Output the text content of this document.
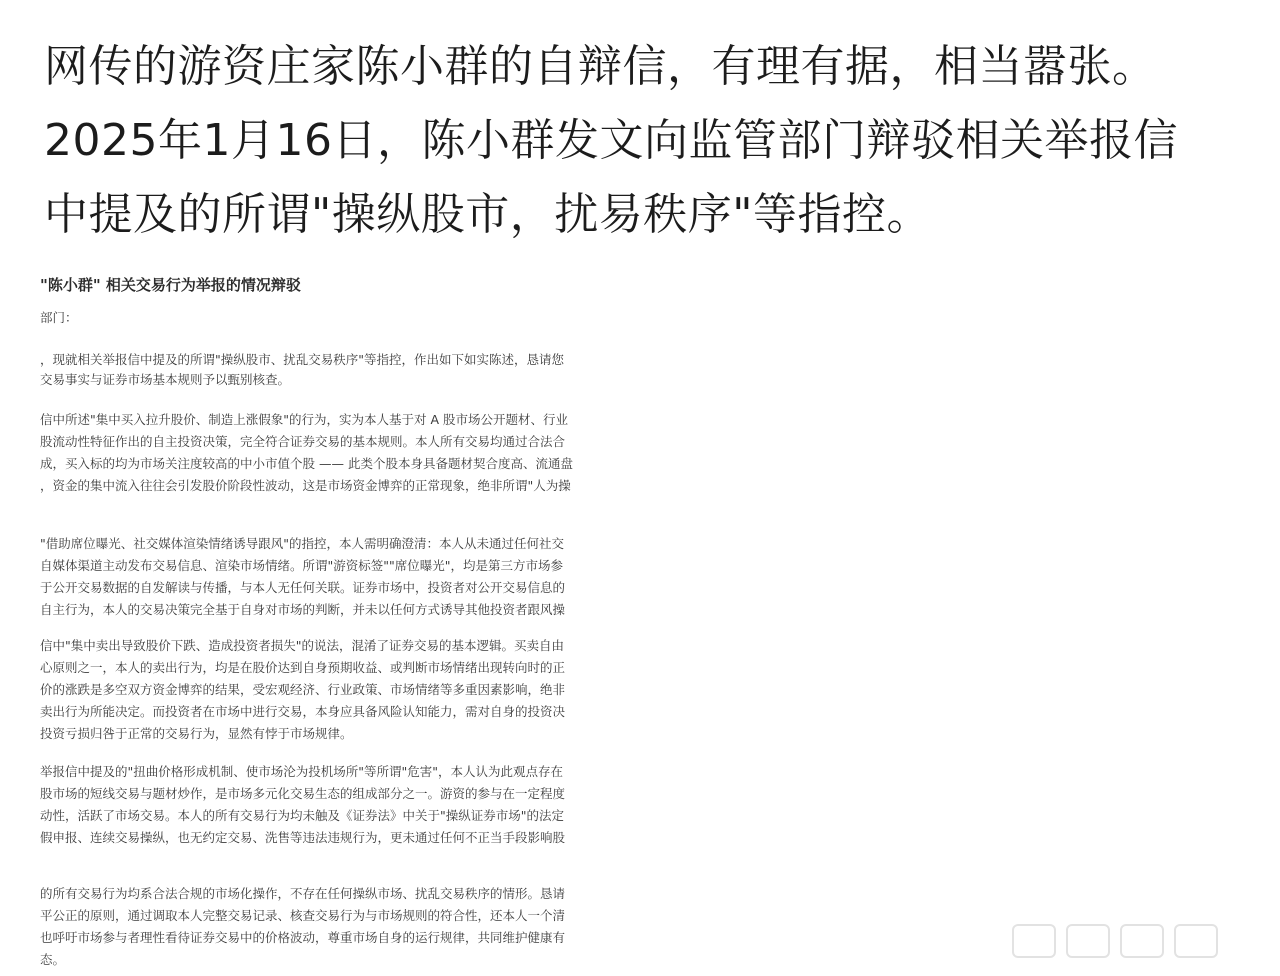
网传的游资庄家陈小群的自辩信，有理有据，相当嚣张。
2025年1月16日，陈小群发文向监管部门辩驳相关举报信
中提及的所谓"操纵股市，扰易秩序"等指控。
"陈小群" 相关交易行为举报的情况辩驳
部门：
，现就相关举报信中提及的所谓"操纵股市、扰乱交易秩序"等指控，作出如下如实陈述，恳请您
交易事实与证券市场基本规则予以甄别核查。
信中所述"集中买入拉升股价、制造上涨假象"的行为，实为本人基于对 A 股市场公开题材、行业
股流动性特征作出的自主投资决策，完全符合证券交易的基本规则。本人所有交易均通过合法合
成，买入标的均为市场关注度较高的中小市值个股 —— 此类个股本身具备题材契合度高、流通盘
，资金的集中流入往往会引发股价阶段性波动，这是市场资金博弈的正常现象，绝非所谓"人为操
"借助席位曝光、社交媒体渲染情绪诱导跟风"的指控，本人需明确澄清：本人从未通过任何社交
自媒体渠道主动发布交易信息、渲染市场情绪。所谓"游资标签""席位曝光"，均是第三方市场参
于公开交易数据的自发解读与传播，与本人无任何关联。证券市场中，投资者对公开交易信息的
自主行为，本人的交易决策完全基于自身对市场的判断，并未以任何方式诱导其他投资者跟风操
信中"集中卖出导致股价下跌、造成投资者损失"的说法，混淆了证券交易的基本逻辑。买卖自由
心原则之一，本人的卖出行为，均是在股价达到自身预期收益、或判断市场情绪出现转向时的正
价的涨跌是多空双方资金博弈的结果，受宏观经济、行业政策、市场情绪等多重因素影响，绝非
卖出行为所能决定。而投资者在市场中进行交易，本身应具备风险认知能力，需对自身的投资决
投资亏损归咎于正常的交易行为，显然有悖于市场规律。
举报信中提及的"扭曲价格形成机制、使市场沦为投机场所"等所谓"危害"，本人认为此观点存在
股市场的短线交易与题材炒作，是市场多元化交易生态的组成部分之一。游资的参与在一定程度
动性，活跃了市场交易。本人的所有交易行为均未触及《证券法》中关于"操纵证券市场"的法定
假申报、连续交易操纵，也无约定交易、洗售等违法违规行为，更未通过任何不正当手段影响股
的所有交易行为均系合法合规的市场化操作，不存在任何操纵市场、扰乱交易秩序的情形。恳请
平公正的原则，通过调取本人完整交易记录、核查交易行为与市场规则的符合性，还本人一个清
也呼吁市场参与者理性看待证券交易中的价格波动，尊重市场自身的运行规律，共同维护健康有
态。
